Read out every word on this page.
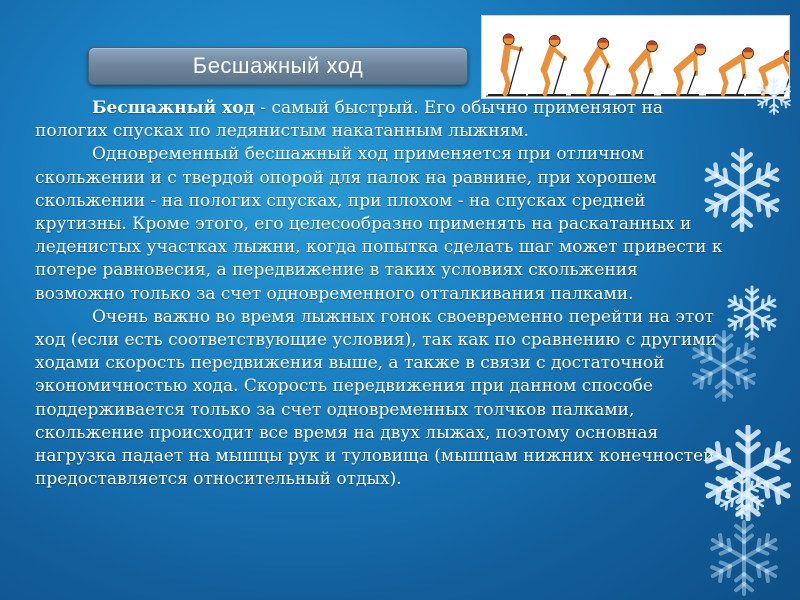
Бесшажный ход

Бесшажный ход - самый быстрый. Его обычно применяют на пологих спусках по ледянистым накатанным лыжням.

Одновременный бесшажный ход применяется при отличном скольжении и с твердой опорой для палок на равнине, при хорошем скольжении - на пологих спусках, при плохом - на спусках средней крутизны. Кроме этого, его целесообразно применять на раскатанных и леденистых участках лыжни, когда попытка сделать шаг может привести к потере равновесия, а передвижение в таких условиях скольжения возможно только за счет одновременного отталкивания палками.

Очень важно во время лыжных гонок своевременно перейти на этот ход (если есть соответствующие условия), так как по сравнению с другими ходами скорость передвижения выше, а также в связи с достаточной экономичностью хода. Скорость передвижения при данном способе поддерживается только за счет одновременных толчков палками, скольжение происходит все время на двух лыжах, поэтому основная нагрузка падает на мышцы рук и туловища (мышцам нижних конечностей предоставляется относительный отдых).
